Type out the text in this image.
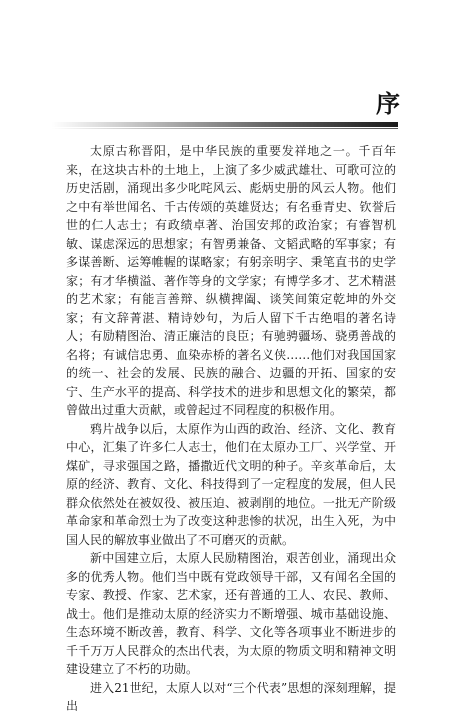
序

太原古称晋阳，是中华民族的重要发祥地之一。千百年来，在这块古朴的土地上，上演了多少威武雄壮、可歌可泣的历史活剧，涌现出多少叱咤风云、彪炳史册的风云人物。他们之中有举世闻名、千古传颂的英雄贤达；有名垂青史、钦誉后世的仁人志士；有政绩卓著、治国安邦的政治家；有睿智机敏、谋虑深远的思想家；有智勇兼备、文韬武略的军事家；有多谋善断、运筹帷幄的谋略家；有躬亲明字、秉笔直书的史学家；有才华横溢、著作等身的文学家；有博学多才、艺术精湛的艺术家；有能言善辩、纵横捭阖、谈笑间策定乾坤的外交家；有文辞菁湛、精诗妙句，为后人留下千古绝唱的著名诗人；有励精图治、清正廉洁的良臣；有驰骋疆场、骁勇善战的名将；有诚信忠勇、血染赤桥的著名义侠……他们对我国国家的统一、社会的发展、民族的融合、边疆的开拓、国家的安宁、生产水平的提高、科学技术的进步和思想文化的繁荣，都曾做出过重大贡献，或曾起过不同程度的积极作用。

鸦片战争以后，太原作为山西的政治、经济、文化、教育中心，汇集了许多仁人志士，他们在太原办工厂、兴学堂、开煤矿，寻求强国之路，播撒近代文明的种子。辛亥革命后，太原的经济、教育、文化、科技得到了一定程度的发展，但人民群众依然处在被奴役、被压迫、被剥削的地位。一批无产阶级革命家和革命烈士为了改变这种悲惨的状况，出生入死，为中国人民的解放事业做出了不可磨灭的贡献。

新中国建立后，太原人民励精图治，艰苦创业，涌现出众多的优秀人物。他们当中既有党政领导干部，又有闻名全国的专家、教授、作家、艺术家，还有普通的工人、农民、教师、战士。他们是推动太原的经济实力不断增强、城市基础设施、生态环境不断改善，教育、科学、文化等各项事业不断进步的千千万万人民群众的杰出代表，为太原的物质文明和精神文明建设建立了不朽的功勋。

进入21世纪，太原人以对“三个代表”思想的深刻理解，提出
